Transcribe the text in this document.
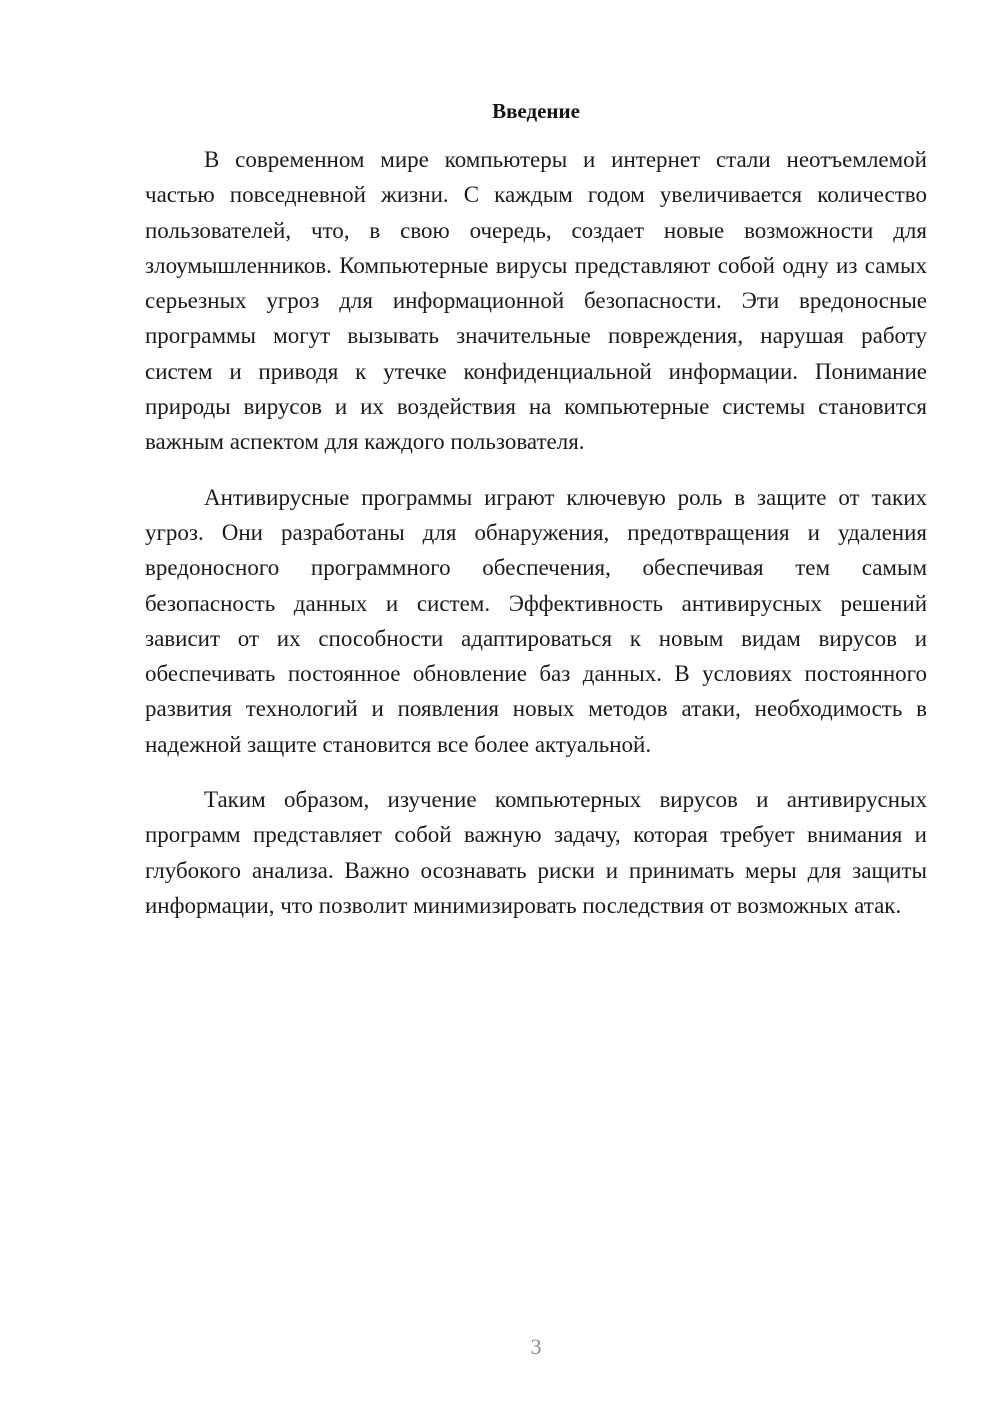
Введение

В современном мире компьютеры и интернет стали неотъемлемой частью повседневной жизни. С каждым годом увеличивается количество пользователей, что, в свою очередь, создает новые возможности для злоумышленников. Компьютерные вирусы представляют собой одну из самых серьезных угроз для информационной безопасности. Эти вредоносные программы могут вызывать значительные повреждения, нарушая работу систем и приводя к утечке конфиденциальной информации. Понимание природы вирусов и их воздействия на компьютерные системы становится важным аспектом для каждого пользователя.

Антивирусные программы играют ключевую роль в защите от таких угроз. Они разработаны для обнаружения, предотвращения и удаления вредоносного программного обеспечения, обеспечивая тем самым безопасность данных и систем. Эффективность антивирусных решений зависит от их способности адаптироваться к новым видам вирусов и обеспечивать постоянное обновление баз данных. В условиях постоянного развития технологий и появления новых методов атаки, необходимость в надежной защите становится все более актуальной.

Таким образом, изучение компьютерных вирусов и антивирусных программ представляет собой важную задачу, которая требует внимания и глубокого анализа. Важно осознавать риски и принимать меры для защиты информации, что позволит минимизировать последствия от возможных атак.

3
